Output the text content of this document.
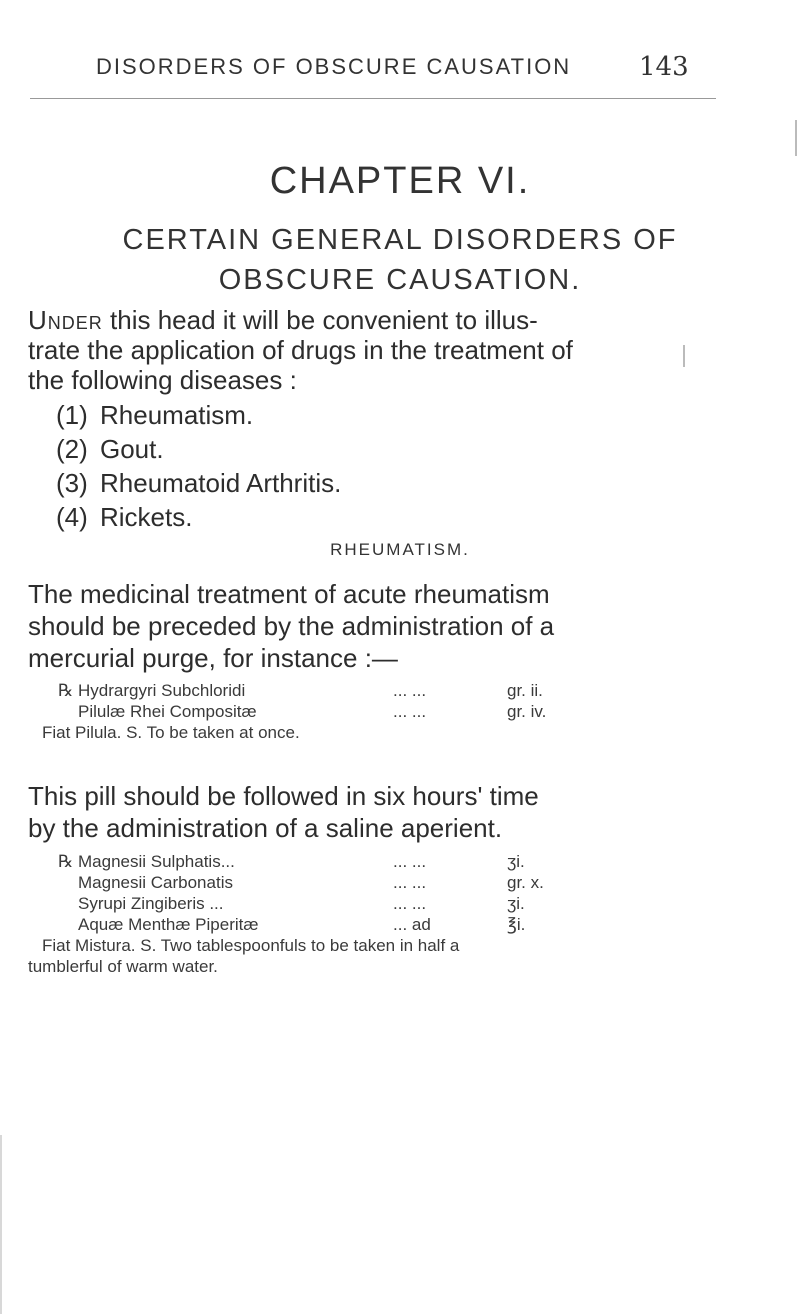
DISORDERS OF OBSCURE CAUSATION	143
CHAPTER VI.
CERTAIN GENERAL DISORDERS OF
OBSCURE CAUSATION.
Under this head it will be convenient to illus-
trate the application of drugs in the treatment of
the following diseases :
(1) Rheumatism.
(2) Gout.
(3) Rheumatoid Arthritis.
(4) Rickets.
RHEUMATISM.
The medicinal treatment of acute rheumatism
should be preceded by the administration of a
mercurial purge, for instance :—
℞ Hydrargyri Subchloridi	... ...	gr. ii.
Pilulæ Rhei Compositæ	... ...	gr. iv.
Fiat Pilula. S. To be taken at once.
This pill should be followed in six hours' time
by the administration of a saline aperient.
℞ Magnesii Sulphatis...	... ...	ʒi.
Magnesii Carbonatis	... ...	gr. x.
Syrupi Zingiberis ...	... ...	ʒi.
Aquæ Menthæ Piperitæ	... ad	℥i.
Fiat Mistura. S. Two tablespoonfuls to be taken in half a
tumblerful of warm water.
